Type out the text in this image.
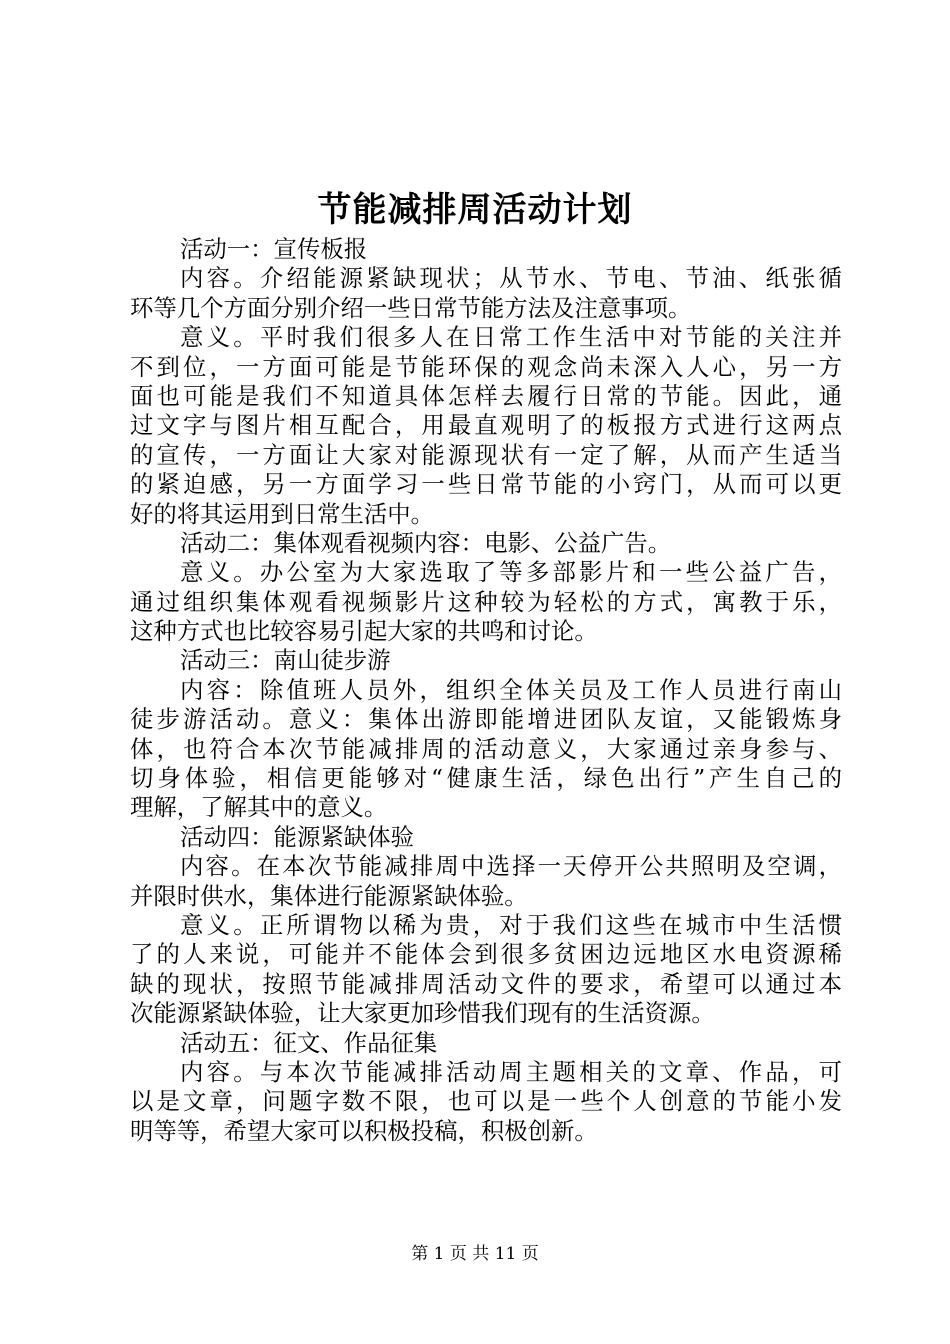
节能减排周活动计划
活动一：宣传板报
内容。介绍能源紧缺现状；从节水、节电、节油、纸张循
环等几个方面分别介绍一些日常节能方法及注意事项。
意义。平时我们很多人在日常工作生活中对节能的关注并
不到位，一方面可能是节能环保的观念尚未深入人心，另一方
面也可能是我们不知道具体怎样去履行日常的节能。因此，通
过文字与图片相互配合，用最直观明了的板报方式进行这两点
的宣传，一方面让大家对能源现状有一定了解，从而产生适当
的紧迫感，另一方面学习一些日常节能的小窍门，从而可以更
好的将其运用到日常生活中。
活动二：集体观看视频内容：电影、公益广告。
意义。办公室为大家选取了等多部影片和一些公益广告，
通过组织集体观看视频影片这种较为轻松的方式，寓教于乐，
这种方式也比较容易引起大家的共鸣和讨论。
活动三：南山徒步游
内容：除值班人员外，组织全体关员及工作人员进行南山
徒步游活动。意义：集体出游即能增进团队友谊，又能锻炼身
体，也符合本次节能减排周的活动意义，大家通过亲身参与、
切身体验，相信更能够对“健康生活，绿色出行”产生自己的
理解，了解其中的意义。
活动四：能源紧缺体验
内容。在本次节能减排周中选择一天停开公共照明及空调，
并限时供水，集体进行能源紧缺体验。
意义。正所谓物以稀为贵，对于我们这些在城市中生活惯
了的人来说，可能并不能体会到很多贫困边远地区水电资源稀
缺的现状，按照节能减排周活动文件的要求，希望可以通过本
次能源紧缺体验，让大家更加珍惜我们现有的生活资源。
活动五：征文、作品征集
内容。与本次节能减排活动周主题相关的文章、作品，可
以是文章，问题字数不限，也可以是一些个人创意的节能小发
明等等，希望大家可以积极投稿，积极创新。
第 1 页 共 11 页
